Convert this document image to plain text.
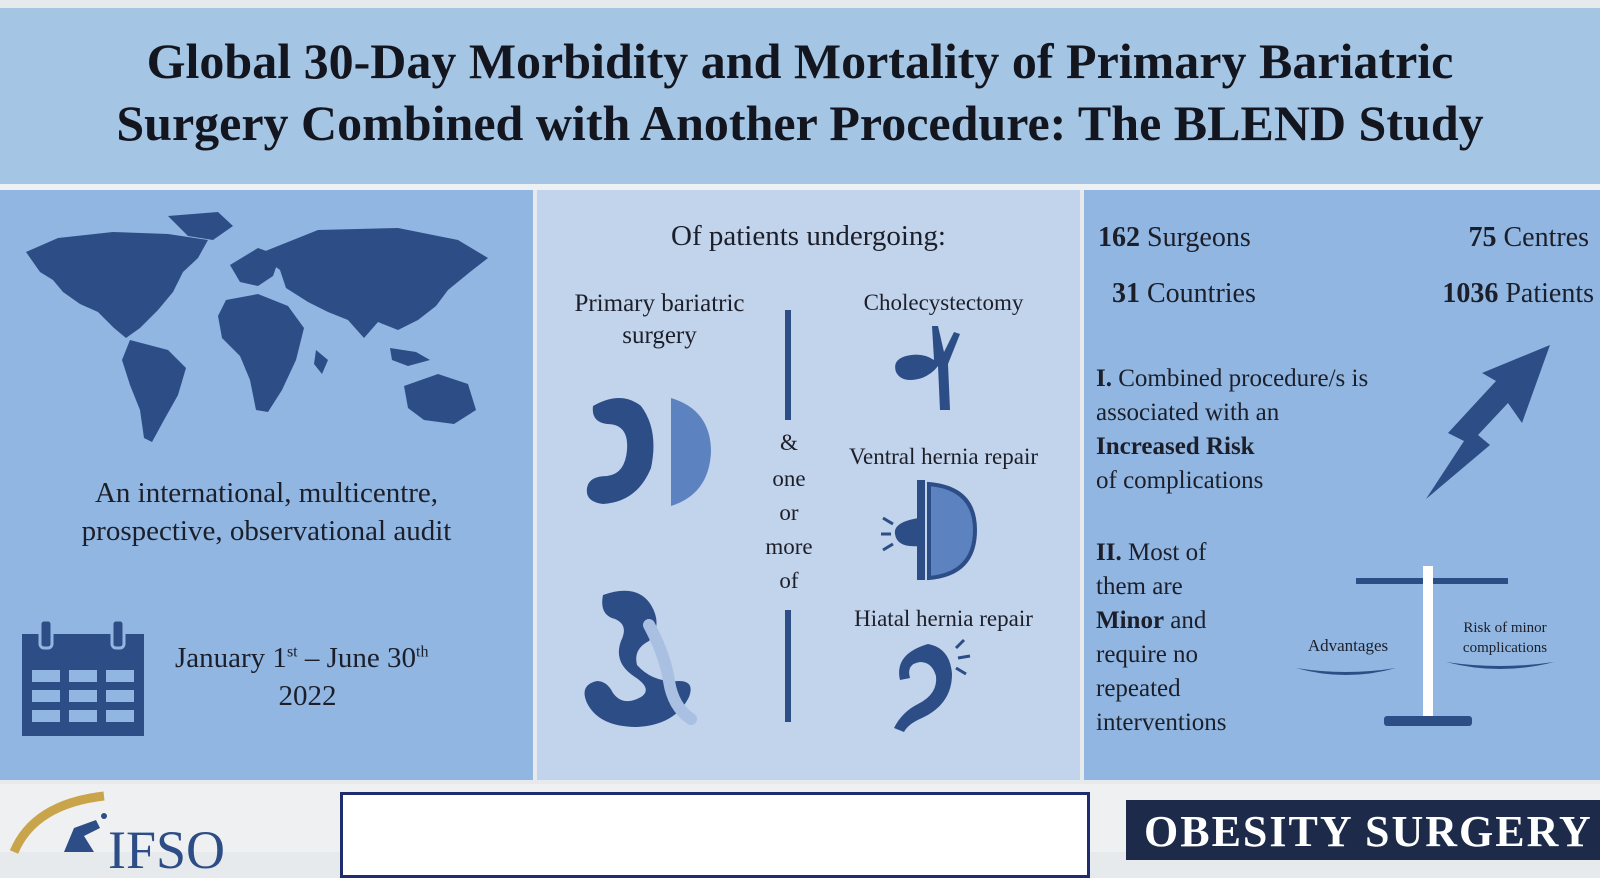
Global 30-Day Morbidity and Mortality of Primary Bariatric
Surgery Combined with Another Procedure: The BLEND Study
An international, multicentre,
prospective, observational audit
January 1st – June 30th
2022
Of patients undergoing:
Primary bariatric
surgery
&
one
or
more
of
Cholecystectomy
Ventral hernia repair
Hiatal hernia repair
162 Surgeons	75 Centres
31 Countries	1036 Patients
I. Combined procedure/s is
associated with an
Increased Risk
of complications
II. Most of
them are
Minor and
require no
repeated
interventions
Advantages
Risk of minor
complications
IFSO	OBESITY SURGERY
